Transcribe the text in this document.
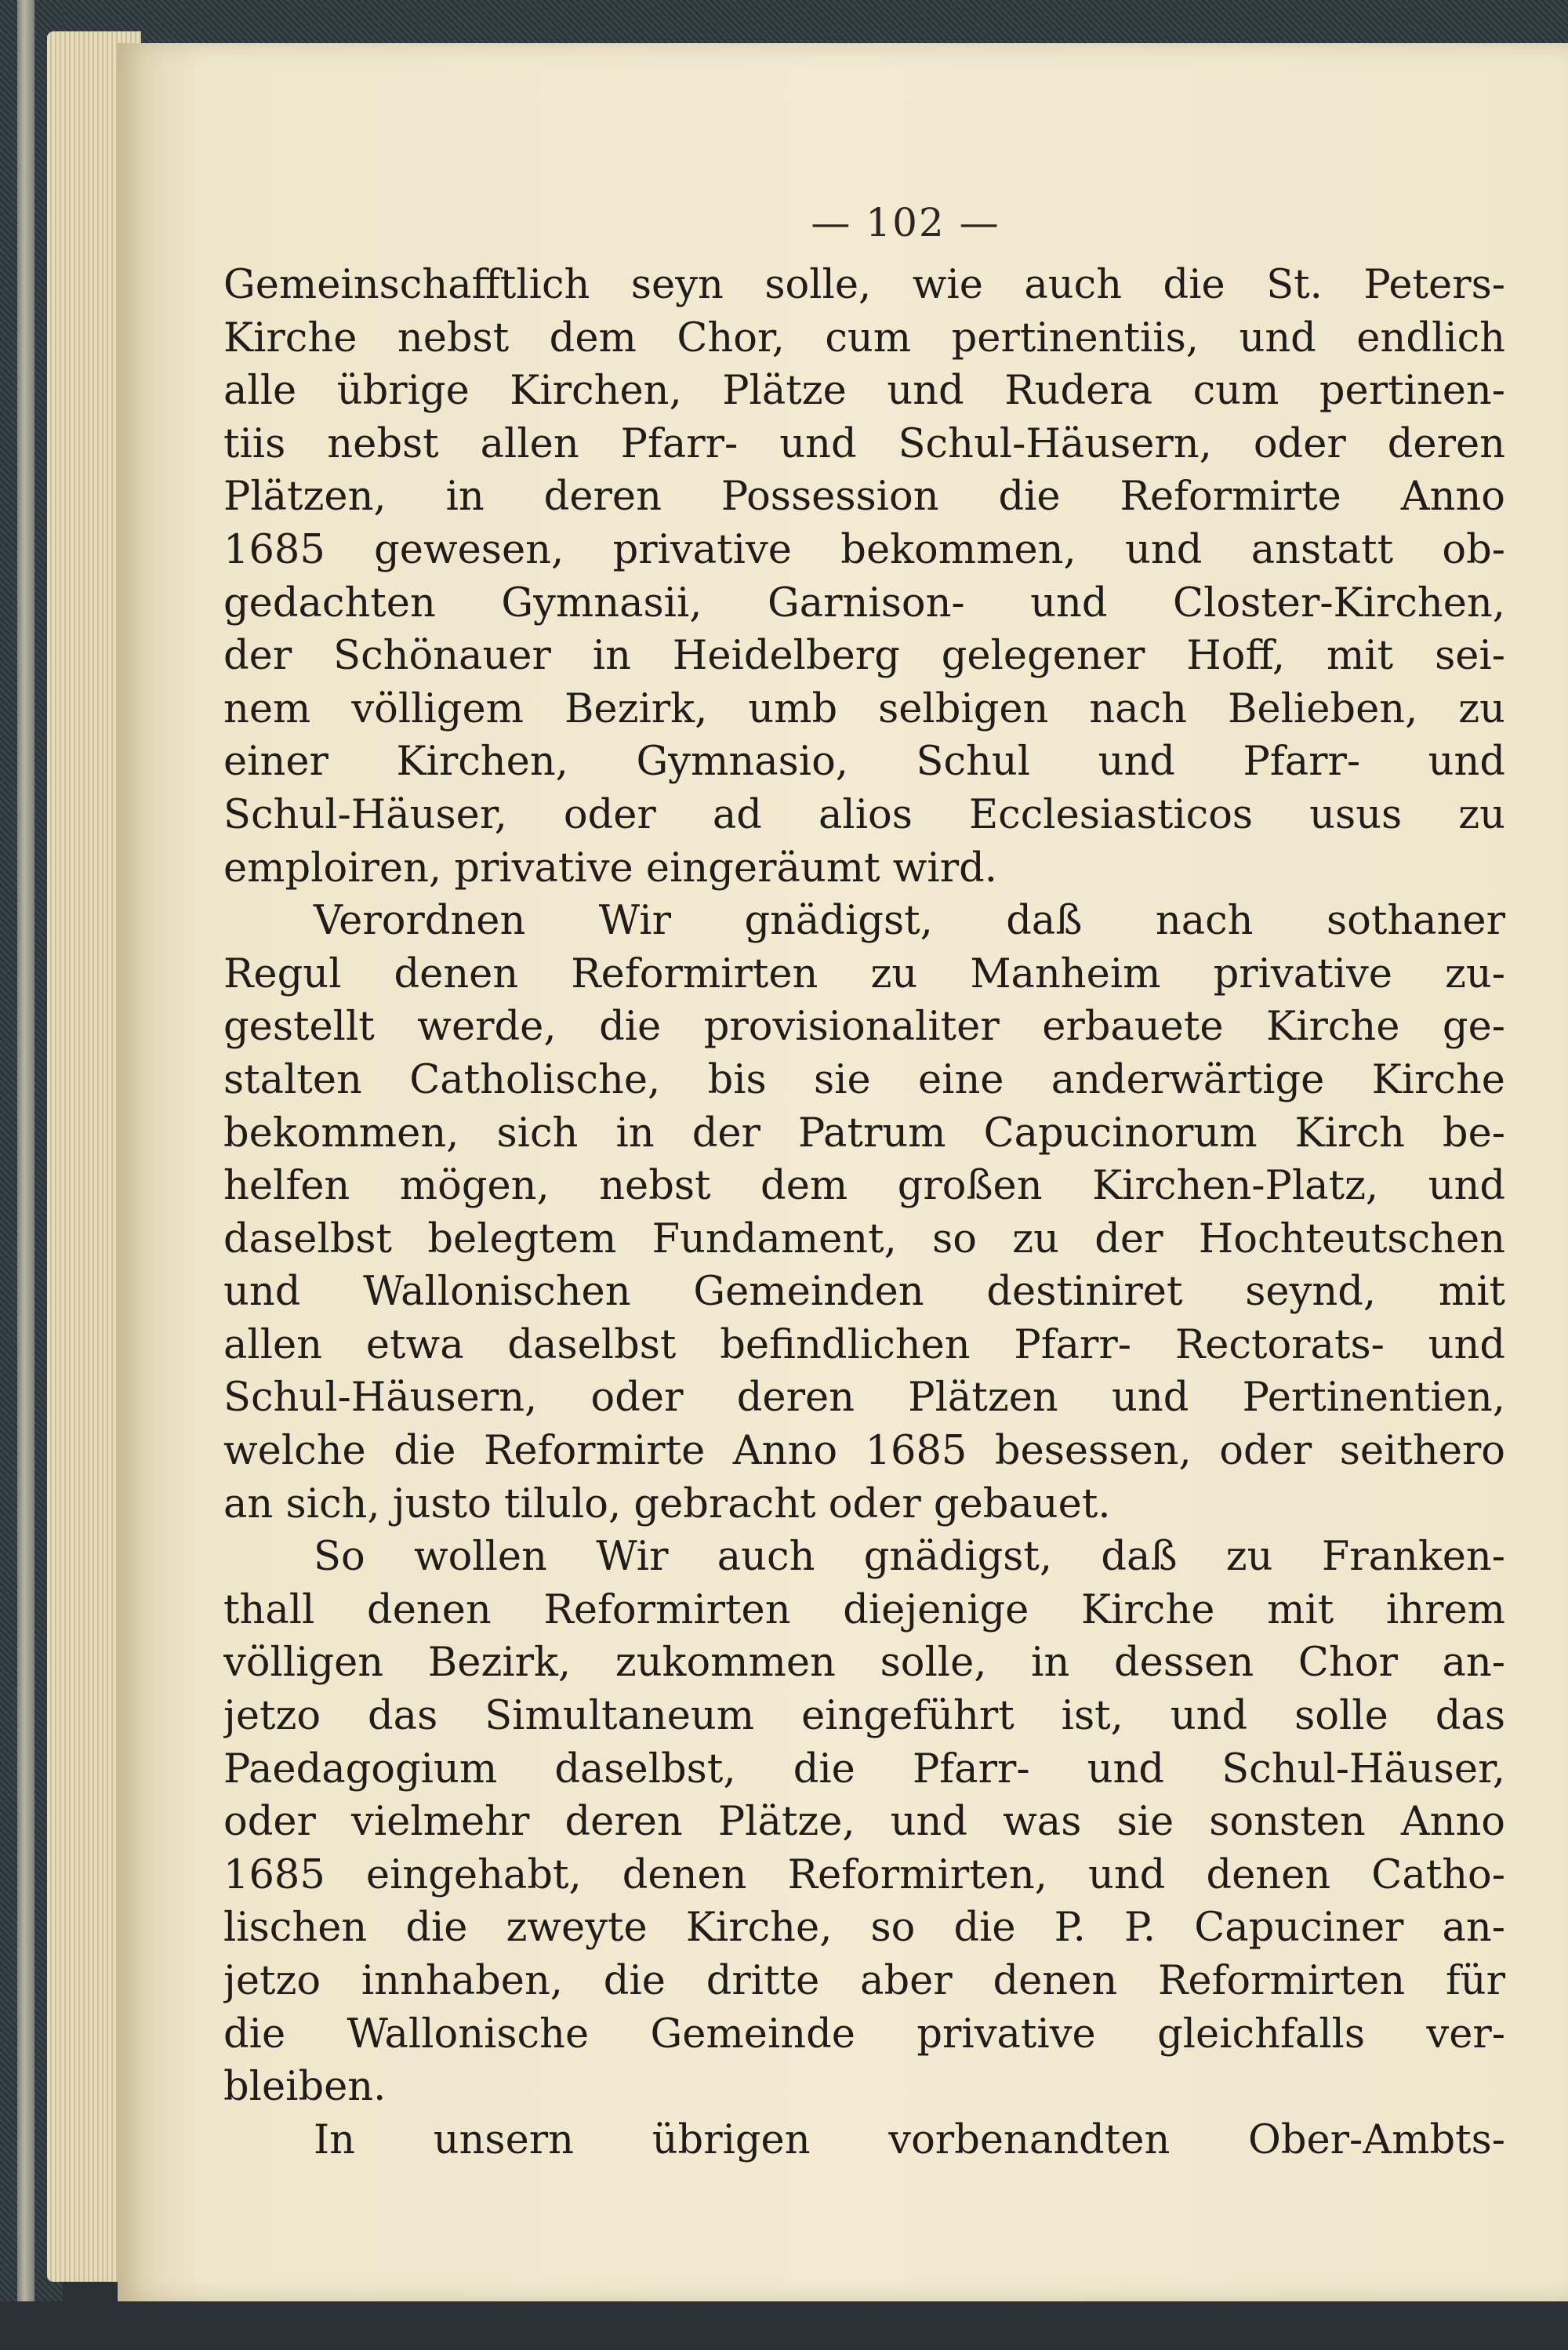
— 102 —
Gemeinschafftlich seyn solle, wie auch die St. Peters-
Kirche nebst dem Chor, cum pertinentiis, und endlich
alle übrige Kirchen, Plätze und Rudera cum pertinen-
tiis nebst allen Pfarr- und Schul-Häusern, oder deren
Plätzen, in deren Possession die Reformirte Anno
1685 gewesen, privative bekommen, und anstatt ob-
gedachten Gymnasii, Garnison- und Closter-Kirchen,
der Schönauer in Heidelberg gelegener Hoff, mit sei-
nem völligem Bezirk, umb selbigen nach Belieben, zu
einer Kirchen, Gymnasio, Schul und Pfarr- und
Schul-Häuser, oder ad alios Ecclesiasticos usus zu
emploiren, privative eingeräumt wird.
Verordnen Wir gnädigst, daß nach sothaner
Regul denen Reformirten zu Manheim privative zu-
gestellt werde, die provisionaliter erbauete Kirche ge-
stalten Catholische, bis sie eine anderwärtige Kirche
bekommen, sich in der Patrum Capucinorum Kirch be-
helfen mögen, nebst dem großen Kirchen-Platz, und
daselbst belegtem Fundament, so zu der Hochteutschen
und Wallonischen Gemeinden destiniret seynd, mit
allen etwa daselbst befindlichen Pfarr- Rectorats- und
Schul-Häusern, oder deren Plätzen und Pertinentien,
welche die Reformirte Anno 1685 besessen, oder seithero
an sich, justo tilulo, gebracht oder gebauet.
So wollen Wir auch gnädigst, daß zu Franken-
thall denen Reformirten diejenige Kirche mit ihrem
völligen Bezirk, zukommen solle, in dessen Chor an-
jetzo das Simultaneum eingeführt ist, und solle das
Paedagogium daselbst, die Pfarr- und Schul-Häuser,
oder vielmehr deren Plätze, und was sie sonsten Anno
1685 eingehabt, denen Reformirten, und denen Catho-
lischen die zweyte Kirche, so die P. P. Capuciner an-
jetzo innhaben, die dritte aber denen Reformirten für
die Wallonische Gemeinde privative gleichfalls ver-
bleiben.
In unsern übrigen vorbenandten Ober-Ambts-
